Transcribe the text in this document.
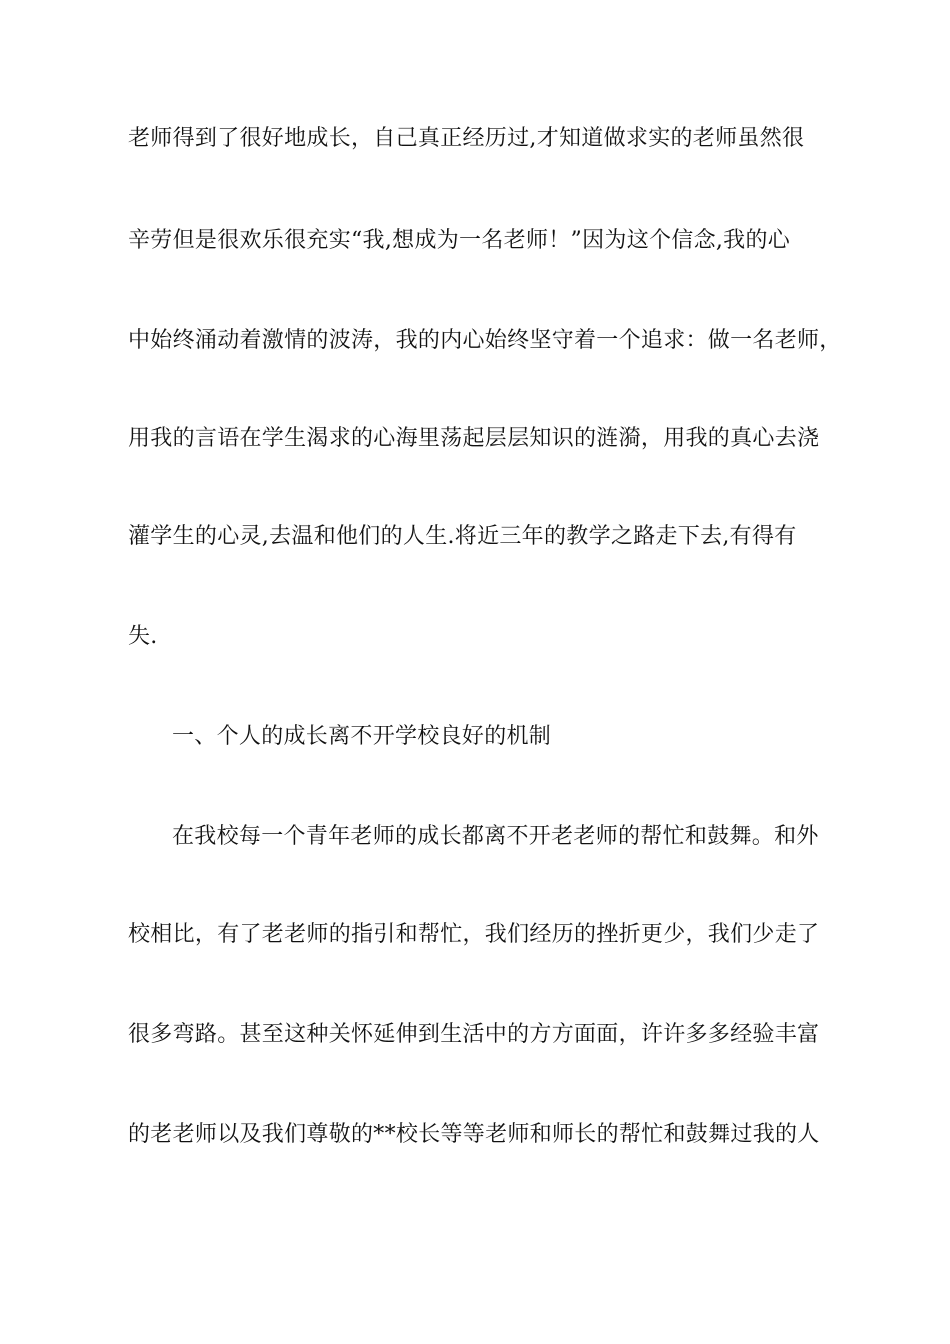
老师得到了很好地成长，自己真正经历过,才知道做求实的老师虽然很
辛劳但是很欢乐很充实“我,想成为一名老师！”因为这个信念,我的心
中始终涌动着激情的波涛，我的内心始终坚守着一个追求：做一名老师，
用我的言语在学生渴求的心海里荡起层层知识的涟漪，用我的真心去浇
灌学生的心灵,去温和他们的人生.将近三年的教学之路走下去,有得有
失.
一、个人的成长离不开学校良好的机制
在我校每一个青年老师的成长都离不开老老师的帮忙和鼓舞。和外
校相比，有了老老师的指引和帮忙，我们经历的挫折更少，我们少走了
很多弯路。甚至这种关怀延伸到生活中的方方面面，许许多多经验丰富
的老老师以及我们尊敬的**校长等等老师和师长的帮忙和鼓舞过我的人
